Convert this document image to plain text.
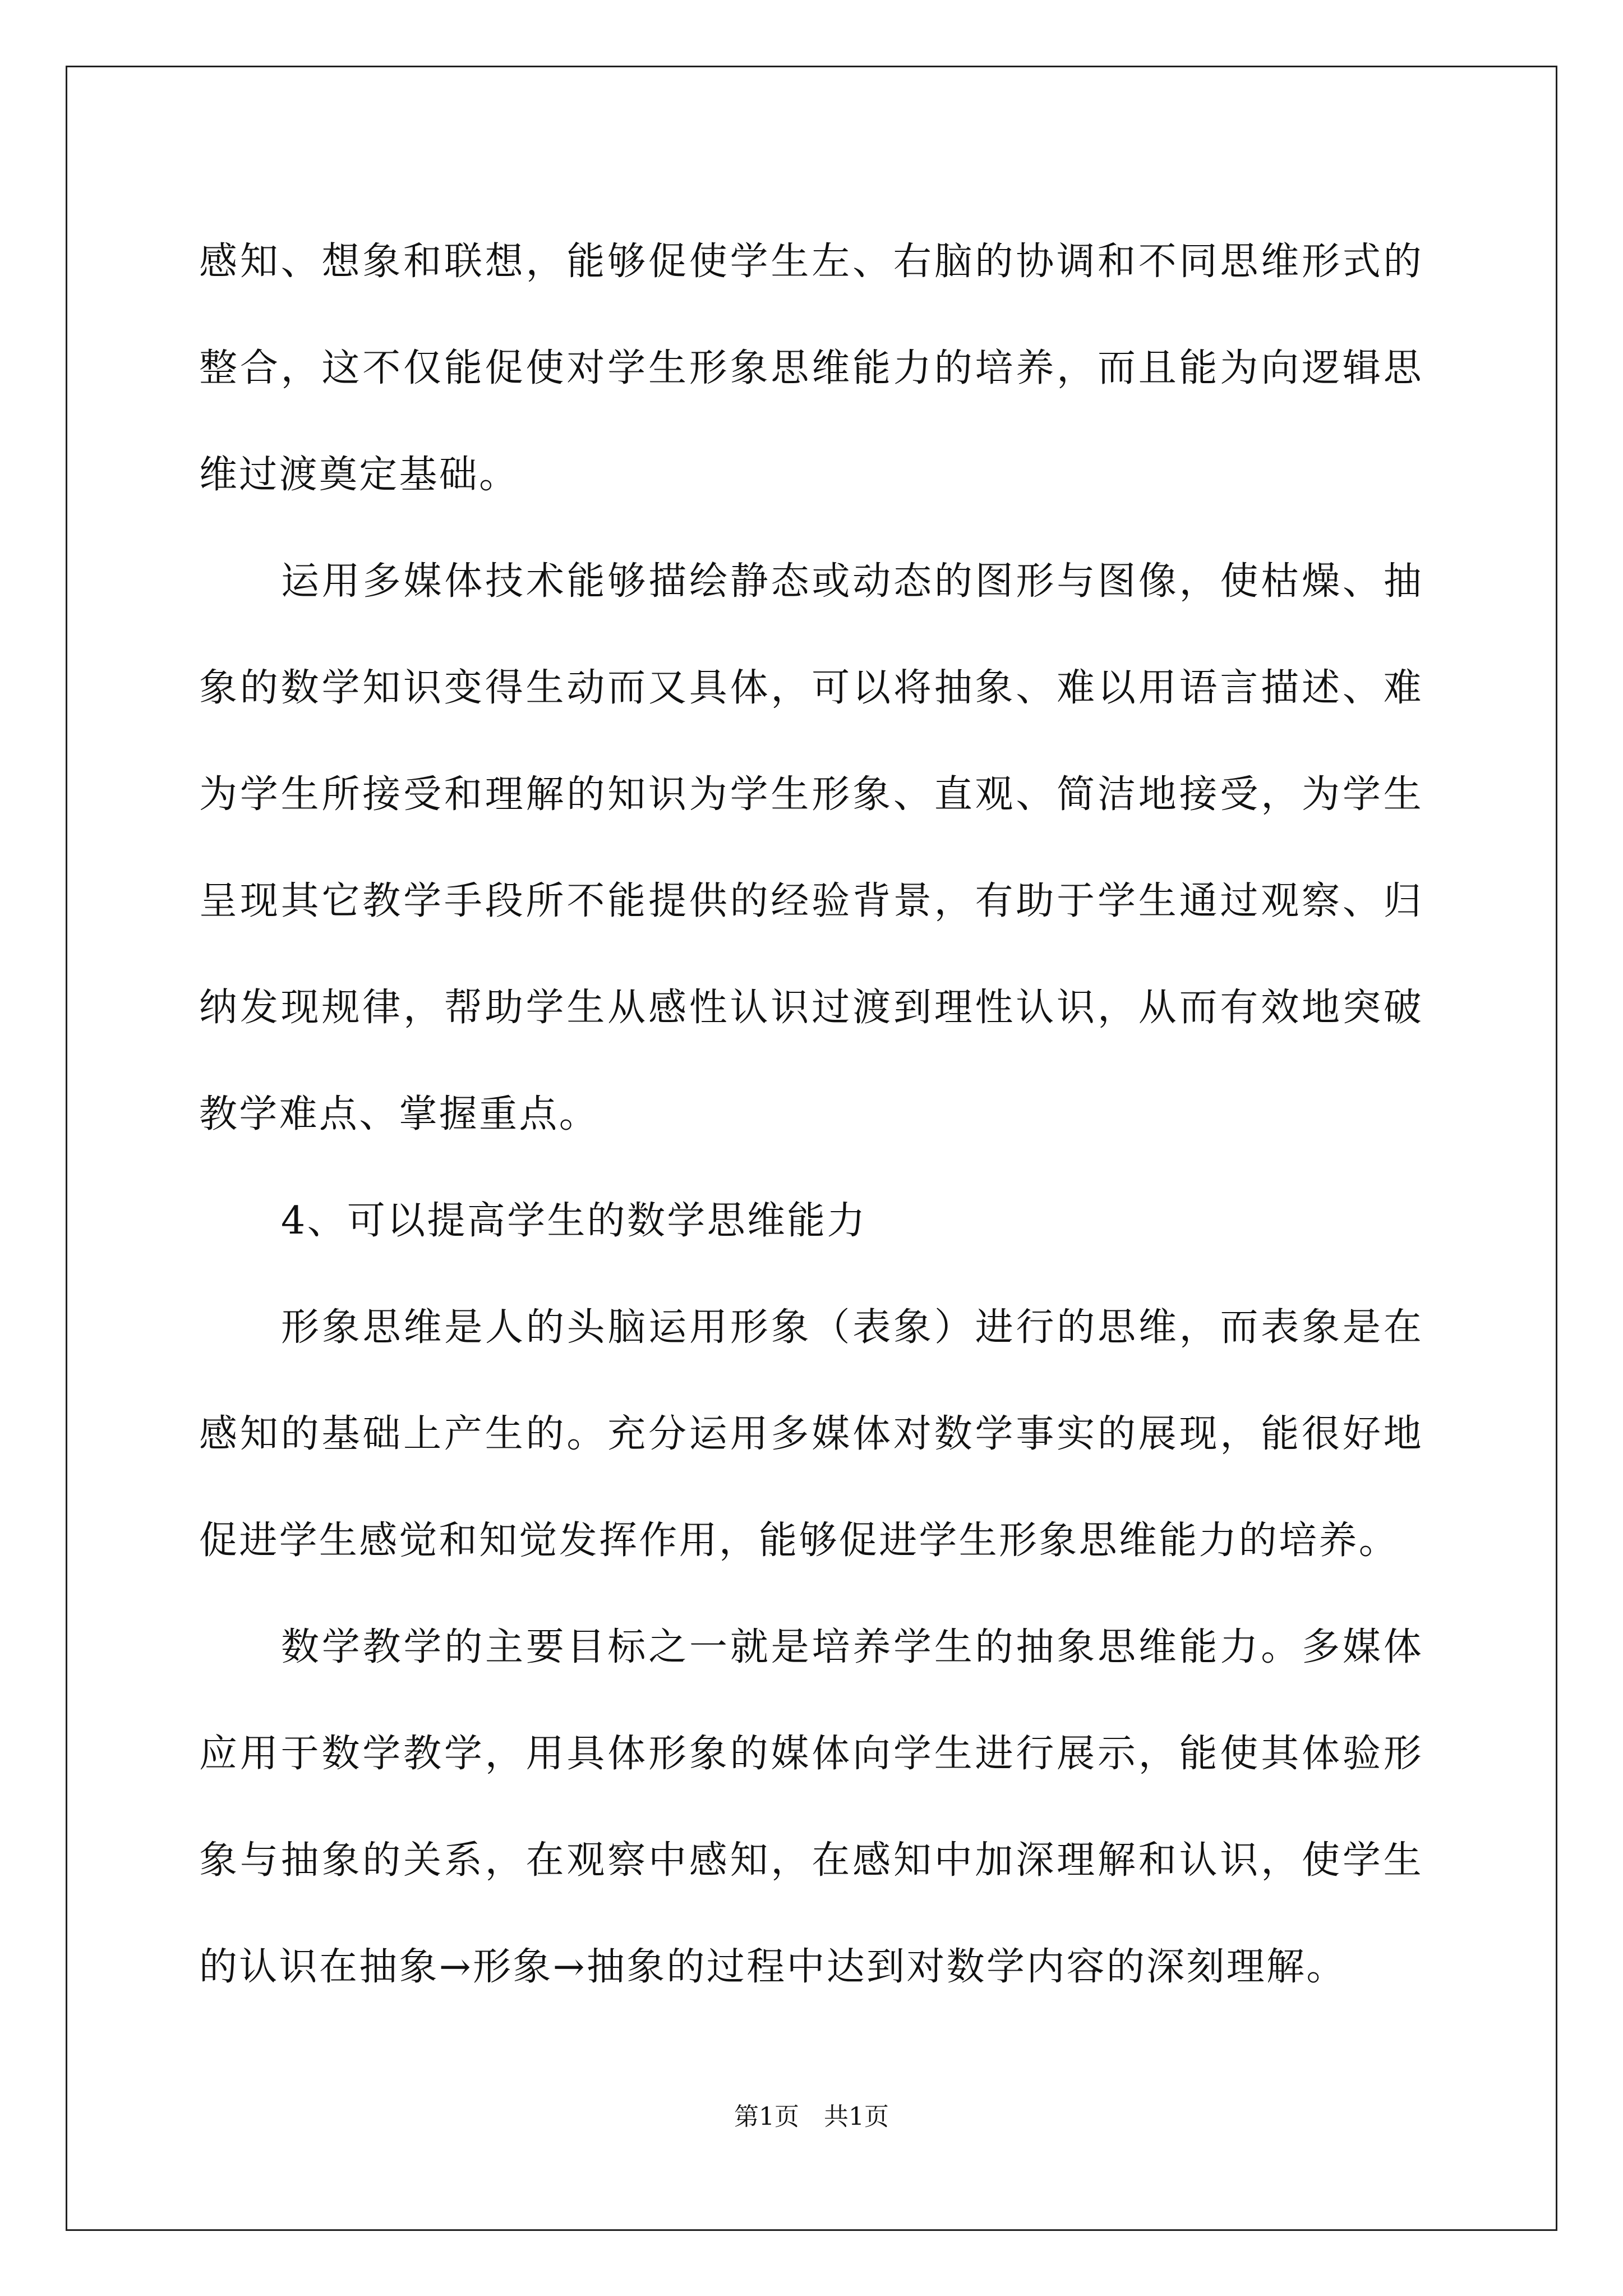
感知、想象和联想，能够促使学生左、右脑的协调和不同思维形式的整合，这不仅能促使对学生形象思维能力的培养，而且能为向逻辑思维过渡奠定基础。

运用多媒体技术能够描绘静态或动态的图形与图像，使枯燥、抽象的数学知识变得生动而又具体，可以将抽象、难以用语言描述、难为学生所接受和理解的知识为学生形象、直观、简洁地接受，为学生呈现其它教学手段所不能提供的经验背景，有助于学生通过观察、归纳发现规律，帮助学生从感性认识过渡到理性认识，从而有效地突破教学难点、掌握重点。

4、可以提高学生的数学思维能力

形象思维是人的头脑运用形象（表象）进行的思维，而表象是在感知的基础上产生的。充分运用多媒体对数学事实的展现，能很好地促进学生感觉和知觉发挥作用，能够促进学生形象思维能力的培养。

数学教学的主要目标之一就是培养学生的抽象思维能力。多媒体应用于数学教学，用具体形象的媒体向学生进行展示，能使其体验形象与抽象的关系，在观察中感知，在感知中加深理解和认识，使学生的认识在抽象→形象→抽象的过程中达到对数学内容的深刻理解。

第1页　共1页
